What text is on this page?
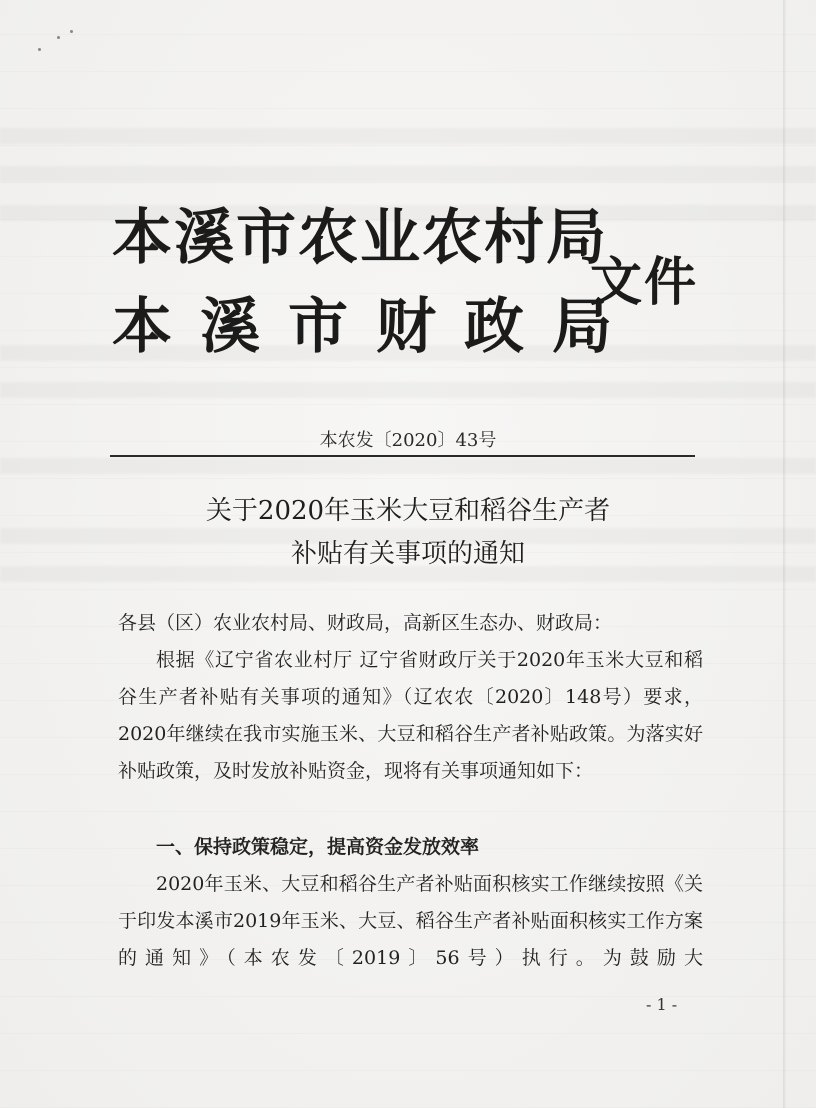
本溪市农业农村局
本溪市财政局
文件
本农发〔2020〕43号
关于2020年玉米大豆和稻谷生产者
补贴有关事项的通知
各县（区）农业农村局、财政局，高新区生态办、财政局：
根据《辽宁省农业村厅 辽宁省财政厅关于2020年玉米大豆和稻谷生产者补贴有关事项的通知》（辽农农〔2020〕148号）要求，2020年继续在我市实施玉米、大豆和稻谷生产者补贴政策。为落实好补贴政策，及时发放补贴资金，现将有关事项通知如下：
一、保持政策稳定，提高资金发放效率
2020年玉米、大豆和稻谷生产者补贴面积核实工作继续按照《关于印发本溪市2019年玉米、大豆、稻谷生产者补贴面积核实工作方案的通知》（本农发〔2019〕56号）执行。为鼓励大
- 1 -
